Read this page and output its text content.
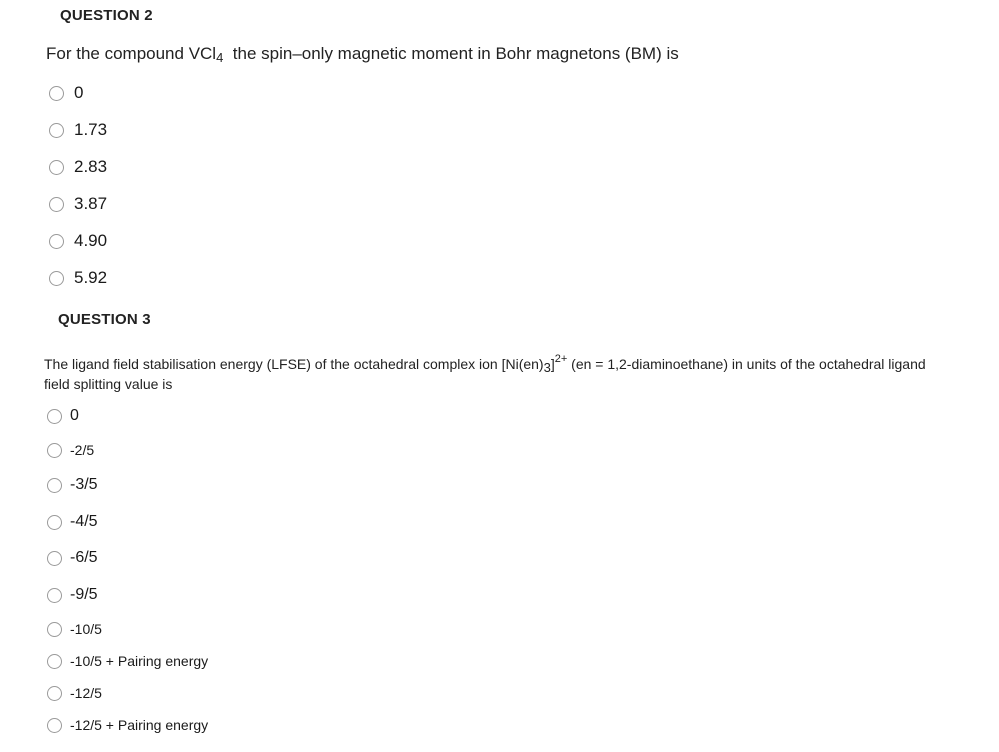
QUESTION 2
For the compound VCl$_4$  the spin–only magnetic moment in Bohr magnetons (BM) is
0
1.73
2.83
3.87
4.90
5.92
QUESTION 3
The ligand field stabilisation energy (LFSE) of the octahedral complex ion $[Ni(en)_3]^{2+}$ (en = 1,2-diaminoethane) in units of the octahedral ligand field splitting value is
0
-2/5
-3/5
-4/5
-6/5
-9/5
-10/5
-10/5 + Pairing energy
-12/5
-12/5 + Pairing energy
